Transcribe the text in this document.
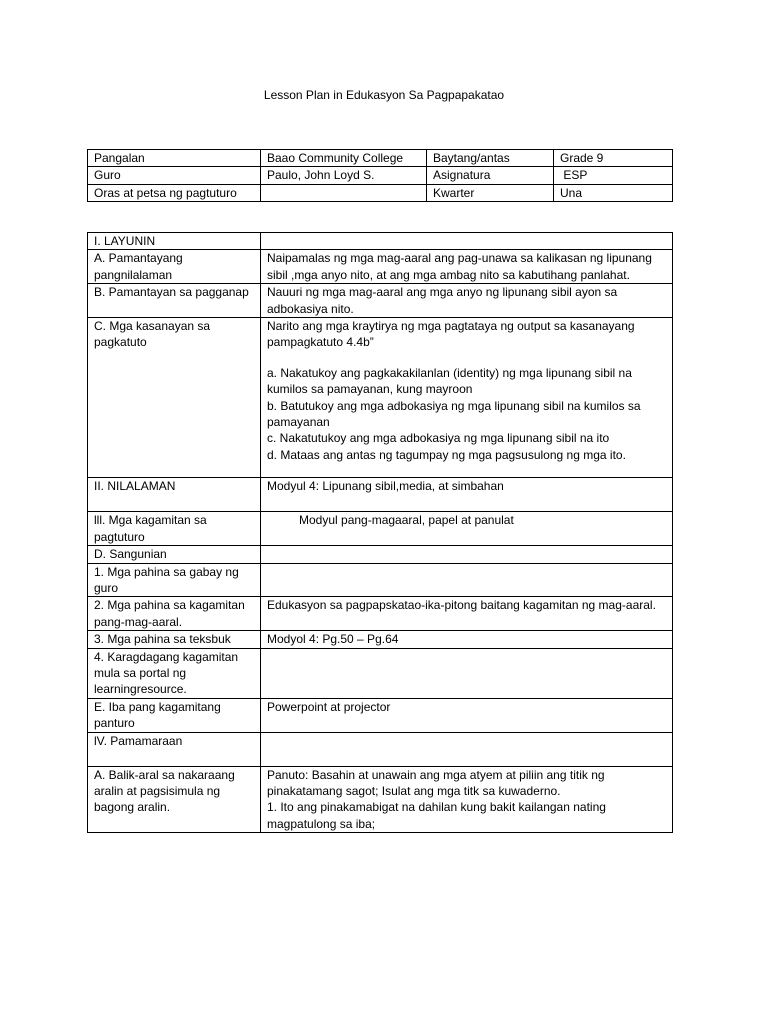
Lesson Plan in Edukasyon Sa Pagpapakatao
Pangalan	Baao Community College	Baytang/antas	Grade 9
Guro	Paulo, John Loyd S.	Asignatura	ESP
Oras at petsa ng pagtuturo		Kwarter	Una
I. LAYUNIN	
A. Pamantayang pangnilalaman	Naipamalas ng mga mag-aaral ang pag-unawa sa kalikasan ng lipunang sibil ,mga anyo nito, at ang mga ambag nito sa kabutihang panlahat.
B. Pamantayan sa pagganap	Nauuri ng mga mag-aaral ang mga anyo ng lipunang sibil ayon sa adbokasiya nito.
C. Mga kasanayan sa pagkatuto	Narito ang mga kraytirya ng mga pagtataya ng output sa kasanayang pampagkatuto 4.4b”
a. Nakatukoy ang pagkakakilanlan (identity) ng mga lipunang sibil na kumilos sa pamayanan, kung mayroon
b. Batutukoy ang mga adbokasiya ng mga lipunang sibil na kumilos sa pamayanan
c. Nakatutukoy ang mga adbokasiya ng mga lipunang sibil na ito
d. Mataas ang antas ng tagumpay ng mga pagsusulong ng mga ito.

II. NILALAMAN	Modyul 4: Lipunang sibil,media, at simbahan
lll. Mga kagamitan sa pagtuturo	Modyul pang-magaaral, papel at panulat
D. Sangunian	
1. Mga pahina sa gabay ng guro	
2. Mga pahina sa kagamitan pang-mag-aaral.	Edukasyon sa pagpapskatao-ika-pitong baitang kagamitan ng mag-aaral.
3. Mga pahina sa teksbuk	Modyol 4: Pg.50 – Pg.64
4. Karagdagang kagamitan mula sa portal ng learningresource.	
E. Iba pang kagamitang panturo	Powerpoint at projector
lV. Pamamaraan	
A. Balik-aral sa nakaraang aralin at pagsisimula ng bagong aralin.	Panuto: Basahin at unawain ang mga atyem at piliin ang titik ng pinakatamang sagot; Isulat ang mga titk sa kuwaderno.
1. Ito ang pinakamabigat na dahilan kung bakit kailangan nating magpatulong sa iba;
